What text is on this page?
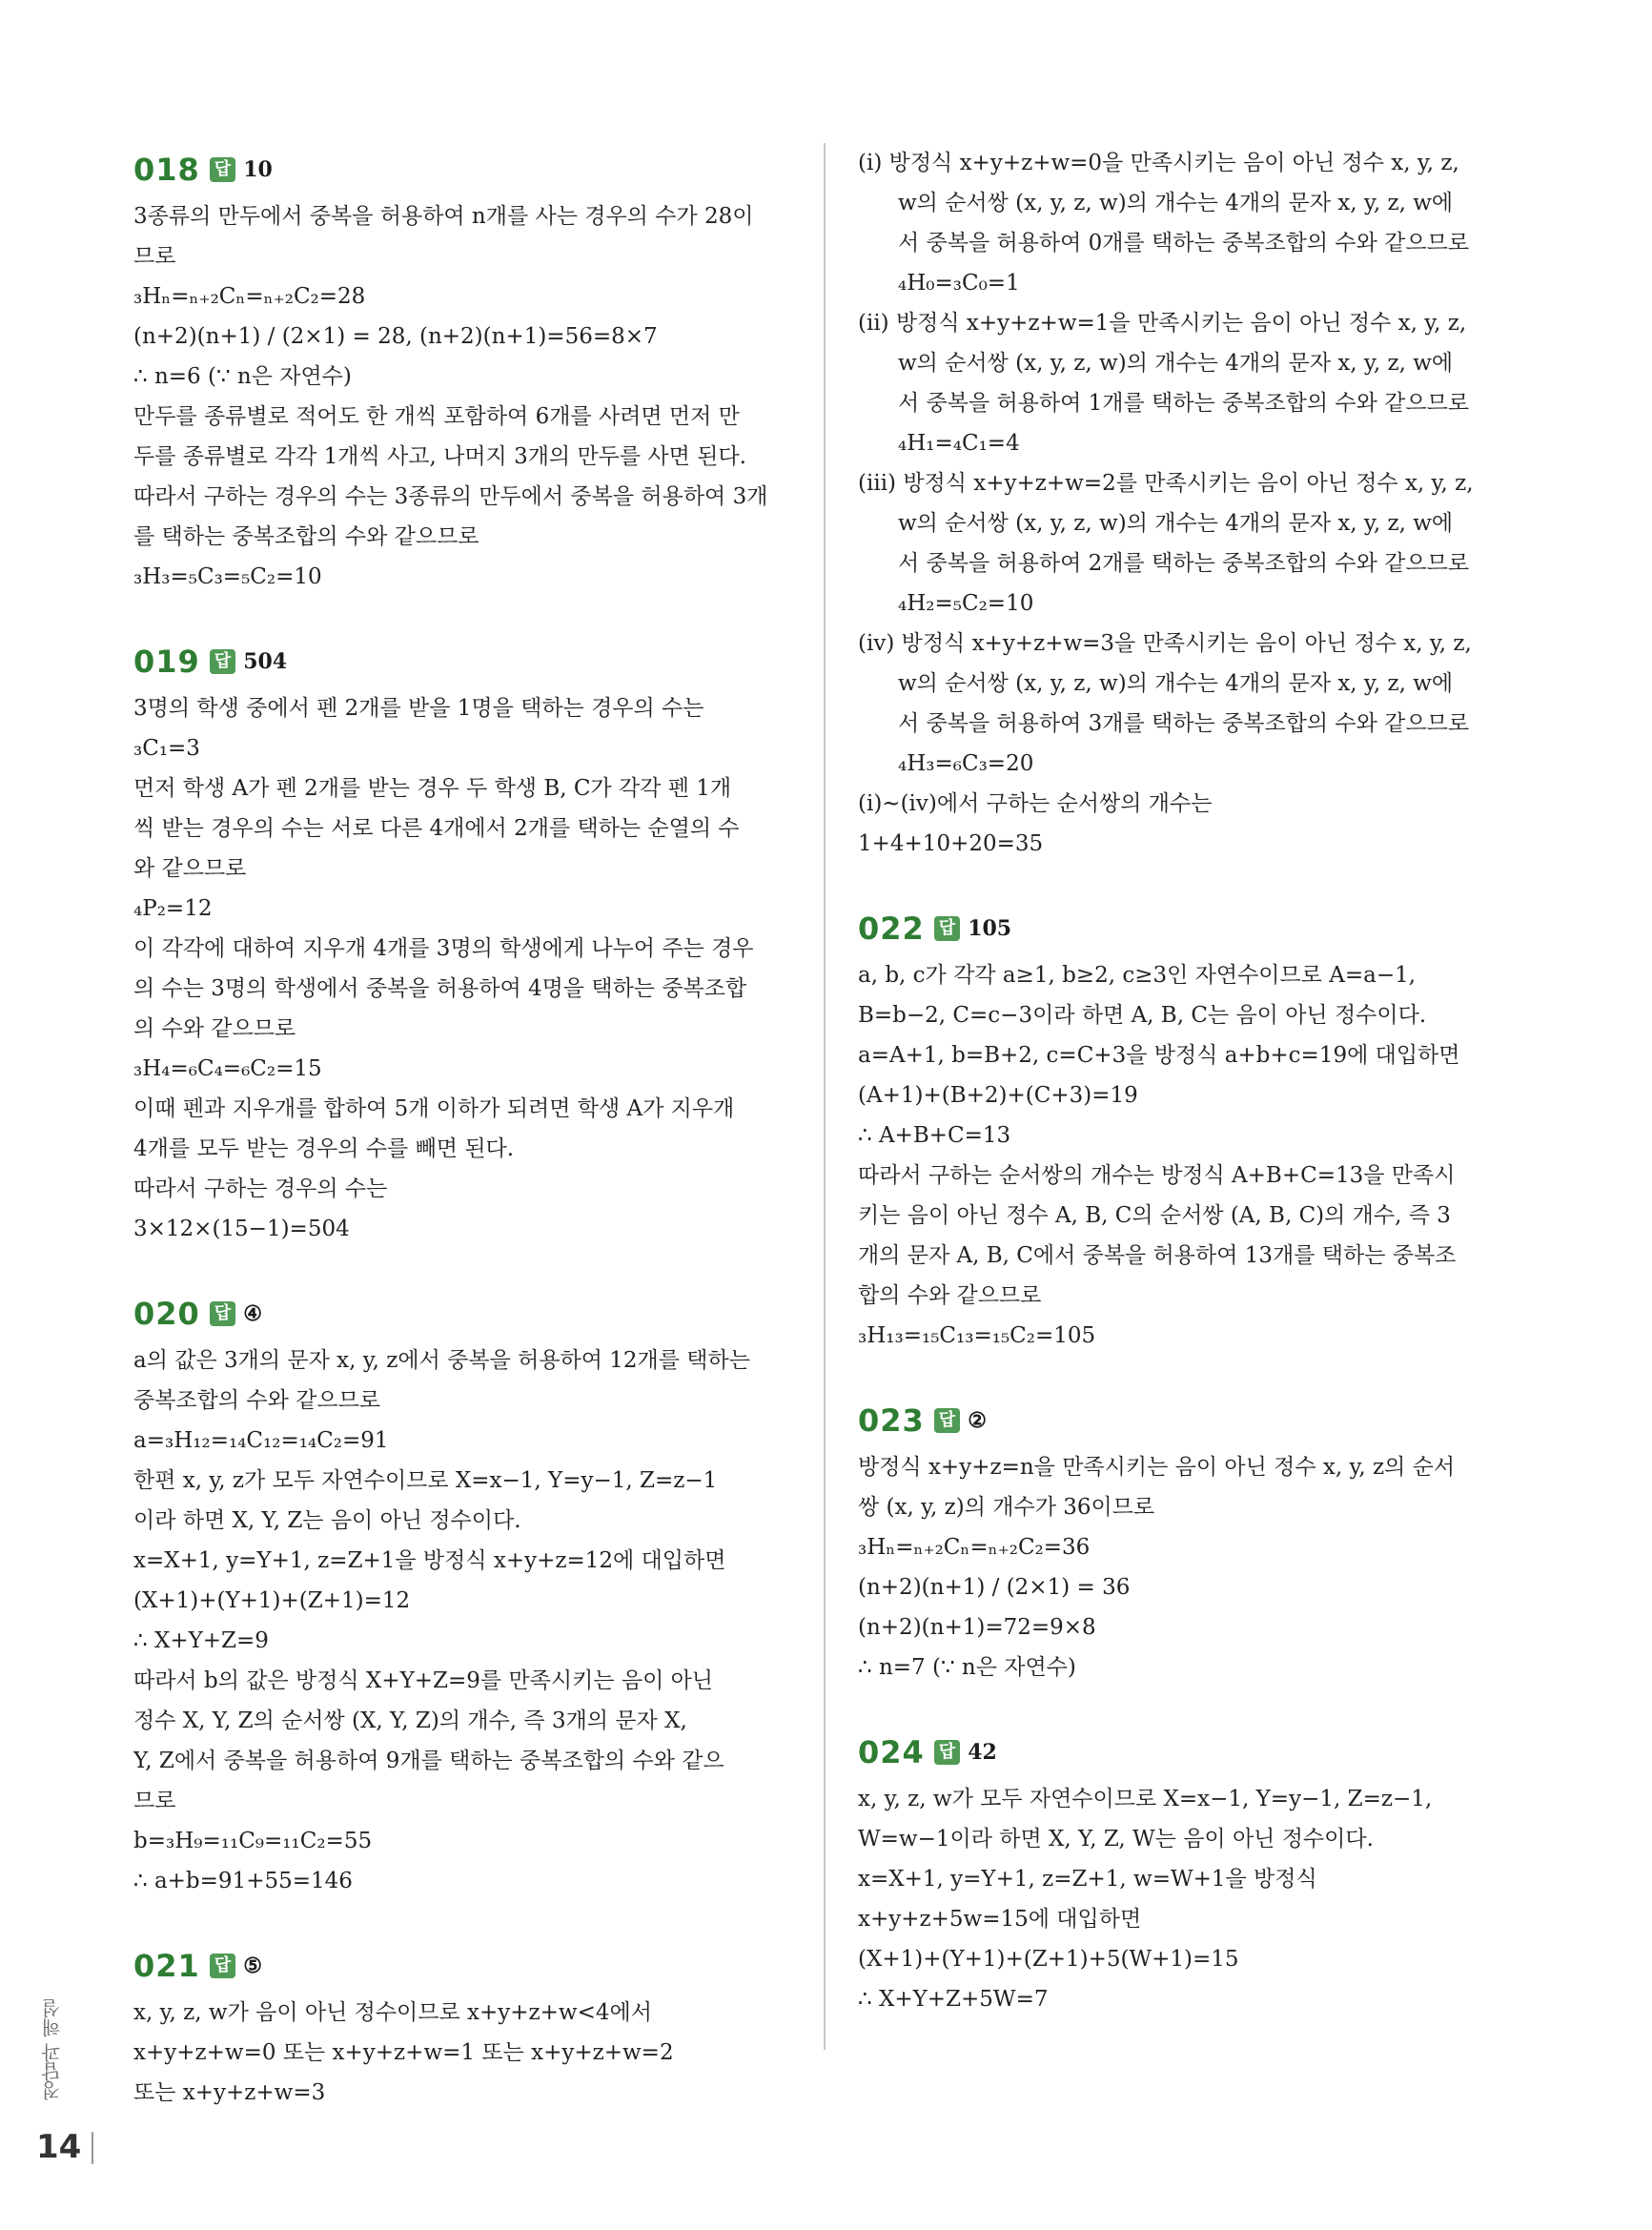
018 답 10
3종류의 만두에서 중복을 허용하여 n개를 사는 경우의 수가 28이
므로
₃Hₙ=ₙ₊₂Cₙ=ₙ₊₂C₂=28
(n+2)(n+1) / (2×1) = 28, (n+2)(n+1)=56=8×7
∴ n=6 (∵ n은 자연수)
만두를 종류별로 적어도 한 개씩 포함하여 6개를 사려면 먼저 만
두를 종류별로 각각 1개씩 사고, 나머지 3개의 만두를 사면 된다.
따라서 구하는 경우의 수는 3종류의 만두에서 중복을 허용하여 3개
를 택하는 중복조합의 수와 같으므로
₃H₃=₅C₃=₅C₂=10
019 답 504
3명의 학생 중에서 펜 2개를 받을 1명을 택하는 경우의 수는
₃C₁=3
먼저 학생 A가 펜 2개를 받는 경우 두 학생 B, C가 각각 펜 1개
씩 받는 경우의 수는 서로 다른 4개에서 2개를 택하는 순열의 수
와 같으므로
₄P₂=12
이 각각에 대하여 지우개 4개를 3명의 학생에게 나누어 주는 경우
의 수는 3명의 학생에서 중복을 허용하여 4명을 택하는 중복조합
의 수와 같으므로
₃H₄=₆C₄=₆C₂=15
이때 펜과 지우개를 합하여 5개 이하가 되려면 학생 A가 지우개
4개를 모두 받는 경우의 수를 빼면 된다.
따라서 구하는 경우의 수는
3×12×(15−1)=504
020 답 ④
a의 값은 3개의 문자 x, y, z에서 중복을 허용하여 12개를 택하는
중복조합의 수와 같으므로
a=₃H₁₂=₁₄C₁₂=₁₄C₂=91
한편 x, y, z가 모두 자연수이므로 X=x−1, Y=y−1, Z=z−1
이라 하면 X, Y, Z는 음이 아닌 정수이다.
x=X+1, y=Y+1, z=Z+1을 방정식 x+y+z=12에 대입하면
(X+1)+(Y+1)+(Z+1)=12
∴ X+Y+Z=9
따라서 b의 값은 방정식 X+Y+Z=9를 만족시키는 음이 아닌
정수 X, Y, Z의 순서쌍 (X, Y, Z)의 개수, 즉 3개의 문자 X,
Y, Z에서 중복을 허용하여 9개를 택하는 중복조합의 수와 같으
므로
b=₃H₉=₁₁C₉=₁₁C₂=55
∴ a+b=91+55=146
021 답 ⑤
x, y, z, w가 음이 아닌 정수이므로 x+y+z+w<4에서
x+y+z+w=0 또는 x+y+z+w=1 또는 x+y+z+w=2
또는 x+y+z+w=3
(ⅰ) 방정식 x+y+z+w=0을 만족시키는 음이 아닌 정수 x, y, z,
w의 순서쌍 (x, y, z, w)의 개수는 4개의 문자 x, y, z, w에
서 중복을 허용하여 0개를 택하는 중복조합의 수와 같으므로
₄H₀=₃C₀=1
(ⅱ) 방정식 x+y+z+w=1을 만족시키는 음이 아닌 정수 x, y, z,
w의 순서쌍 (x, y, z, w)의 개수는 4개의 문자 x, y, z, w에
서 중복을 허용하여 1개를 택하는 중복조합의 수와 같으므로
₄H₁=₄C₁=4
(ⅲ) 방정식 x+y+z+w=2를 만족시키는 음이 아닌 정수 x, y, z,
w의 순서쌍 (x, y, z, w)의 개수는 4개의 문자 x, y, z, w에
서 중복을 허용하여 2개를 택하는 중복조합의 수와 같으므로
₄H₂=₅C₂=10
(ⅳ) 방정식 x+y+z+w=3을 만족시키는 음이 아닌 정수 x, y, z,
w의 순서쌍 (x, y, z, w)의 개수는 4개의 문자 x, y, z, w에
서 중복을 허용하여 3개를 택하는 중복조합의 수와 같으므로
₄H₃=₆C₃=20
(ⅰ)~(ⅳ)에서 구하는 순서쌍의 개수는
1+4+10+20=35
022 답 105
a, b, c가 각각 a≥1, b≥2, c≥3인 자연수이므로 A=a−1,
B=b−2, C=c−3이라 하면 A, B, C는 음이 아닌 정수이다.
a=A+1, b=B+2, c=C+3을 방정식 a+b+c=19에 대입하면
(A+1)+(B+2)+(C+3)=19
∴ A+B+C=13
따라서 구하는 순서쌍의 개수는 방정식 A+B+C=13을 만족시
키는 음이 아닌 정수 A, B, C의 순서쌍 (A, B, C)의 개수, 즉 3
개의 문자 A, B, C에서 중복을 허용하여 13개를 택하는 중복조
합의 수와 같으므로
₃H₁₃=₁₅C₁₃=₁₅C₂=105
023 답 ②
방정식 x+y+z=n을 만족시키는 음이 아닌 정수 x, y, z의 순서
쌍 (x, y, z)의 개수가 36이므로
₃Hₙ=ₙ₊₂Cₙ=ₙ₊₂C₂=36
(n+2)(n+1) / (2×1) = 36
(n+2)(n+1)=72=9×8
∴ n=7 (∵ n은 자연수)
024 답 42
x, y, z, w가 모두 자연수이므로 X=x−1, Y=y−1, Z=z−1,
W=w−1이라 하면 X, Y, Z, W는 음이 아닌 정수이다.
x=X+1, y=Y+1, z=Z+1, w=W+1을 방정식
x+y+z+5w=15에 대입하면
(X+1)+(Y+1)+(Z+1)+5(W+1)=15
∴ X+Y+Z+5W=7
정답과 해설
14
